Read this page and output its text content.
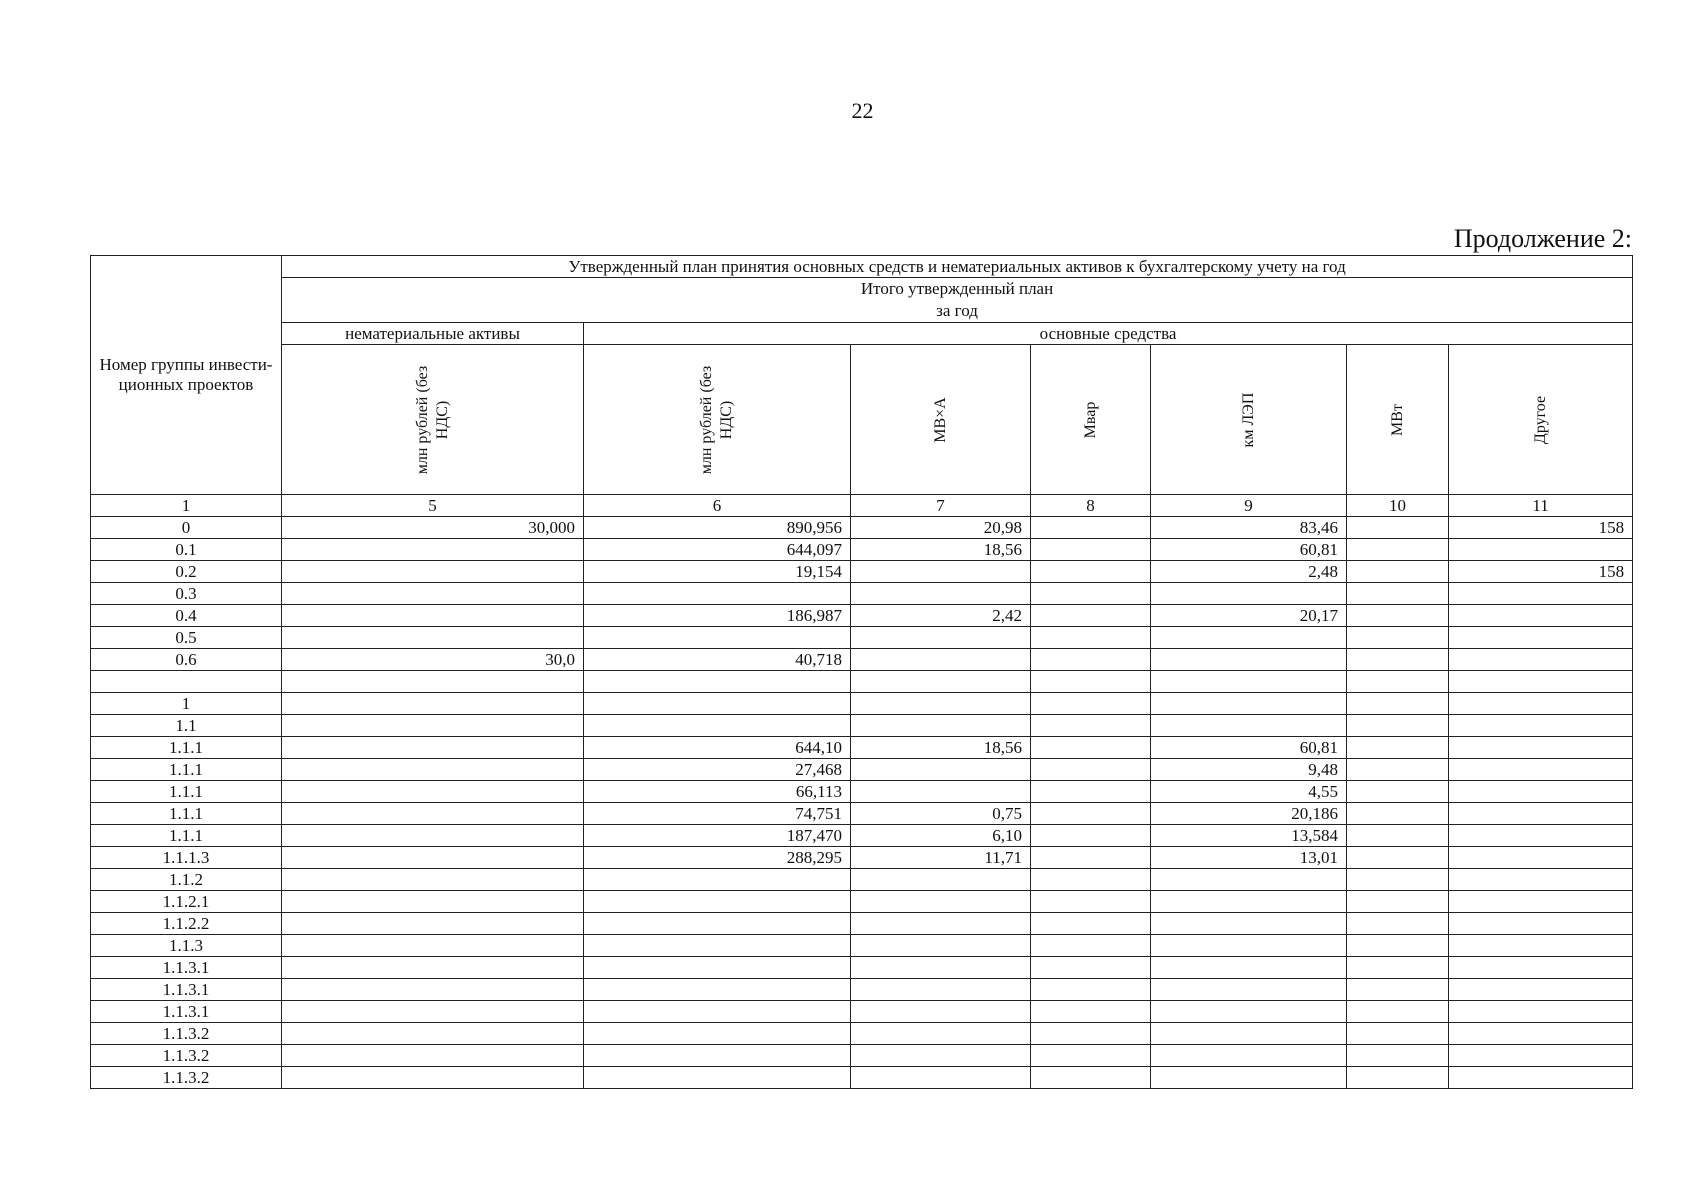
22
Продолжение 2:
Номер группы инвести-ционных проектов	Утвержденный план принятия основных средств и нематериальных активов к бухгалтерскому учету на год						

	Итого утвержденный план
за год						

	нематериальные активы	основные средства					

	млн рублей (без НДС)	млн рублей (без НДС)	МВ×А	Мвар	км ЛЭП	МВт	Другое

1	5	6	7	8	9	10	11
0	30,000	890,956	20,98		83,46		158
0.1		644,097	18,56		60,81		
0.2		19,154			2,48		158
0.3							
0.4		186,987	2,42		20,17		
0.5							
0.6	30,0	40,718					

1							
1.1							
1.1.1		644,10	18,56		60,81		
1.1.1		27,468			9,48		
1.1.1		66,113			4,55		
1.1.1		74,751	0,75		20,186		
1.1.1		187,470	6,10		13,584		
1.1.1.3		288,295	11,71		13,01		
1.1.2							
1.1.2.1							
1.1.2.2							
1.1.3							
1.1.3.1							
1.1.3.1							
1.1.3.1							
1.1.3.2							
1.1.3.2							
1.1.3.2							
